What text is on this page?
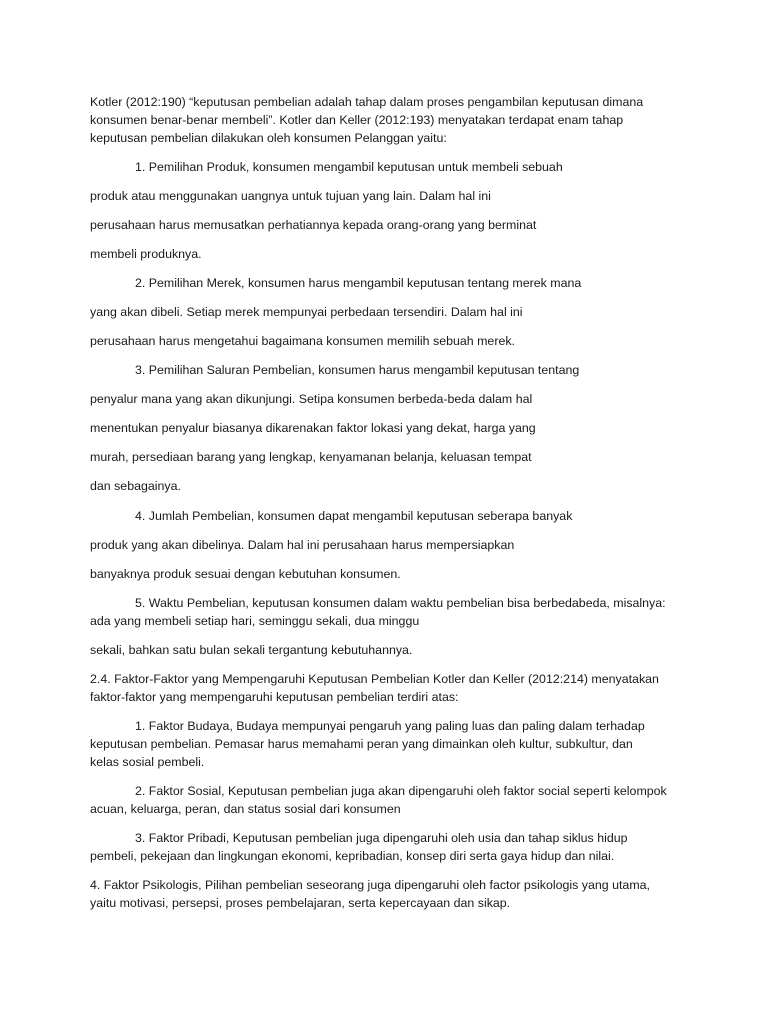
Kotler (2012:190) “keputusan pembelian adalah tahap dalam proses pengambilan keputusan dimana

konsumen benar-benar membeli”. Kotler dan Keller (2012:193) menyatakan terdapat enam tahap

keputusan pembelian dilakukan oleh konsumen Pelanggan yaitu:

1. Pemilihan Produk, konsumen mengambil keputusan untuk membeli sebuah

produk atau menggunakan uangnya untuk tujuan yang lain. Dalam hal ini

perusahaan harus memusatkan perhatiannya kepada orang-orang yang berminat

membeli produknya.

2. Pemilihan Merek, konsumen harus mengambil keputusan tentang merek mana

yang akan dibeli. Setiap merek mempunyai perbedaan tersendiri. Dalam hal ini

perusahaan harus mengetahui bagaimana konsumen memilih sebuah merek.

3. Pemilihan Saluran Pembelian, konsumen harus mengambil keputusan tentang

penyalur mana yang akan dikunjungi. Setipa konsumen berbeda-beda dalam hal

menentukan penyalur biasanya dikarenakan faktor lokasi yang dekat, harga yang

murah, persediaan barang yang lengkap, kenyamanan belanja, keluasan tempat

dan sebagainya.

4. Jumlah Pembelian, konsumen dapat mengambil keputusan seberapa banyak

produk yang akan dibelinya. Dalam hal ini perusahaan harus mempersiapkan

banyaknya produk sesuai dengan kebutuhan konsumen.

5. Waktu Pembelian, keputusan konsumen dalam waktu pembelian bisa berbedabeda, misalnya:

ada yang membeli setiap hari, seminggu sekali, dua minggu

sekali, bahkan satu bulan sekali tergantung kebutuhannya.

2.4. Faktor-Faktor yang Mempengaruhi Keputusan Pembelian Kotler dan Keller (2012:214) menyatakan

faktor-faktor yang mempengaruhi keputusan pembelian terdiri atas:

1. Faktor Budaya, Budaya mempunyai pengaruh yang paling luas dan paling dalam terhadap

keputusan pembelian. Pemasar harus memahami peran yang dimainkan oleh kultur, subkultur, dan

kelas sosial pembeli.

2. Faktor Sosial, Keputusan pembelian juga akan dipengaruhi oleh faktor social seperti kelompok

acuan, keluarga, peran, dan status sosial dari konsumen

3. Faktor Pribadi, Keputusan pembelian juga dipengaruhi oleh usia dan tahap siklus hidup

pembeli, pekejaan dan lingkungan ekonomi, kepribadian, konsep diri serta gaya hidup dan nilai.

4. Faktor Psikologis, Pilihan pembelian seseorang juga dipengaruhi oleh factor psikologis yang utama,

yaitu motivasi, persepsi, proses pembelajaran, serta kepercayaan dan sikap.
